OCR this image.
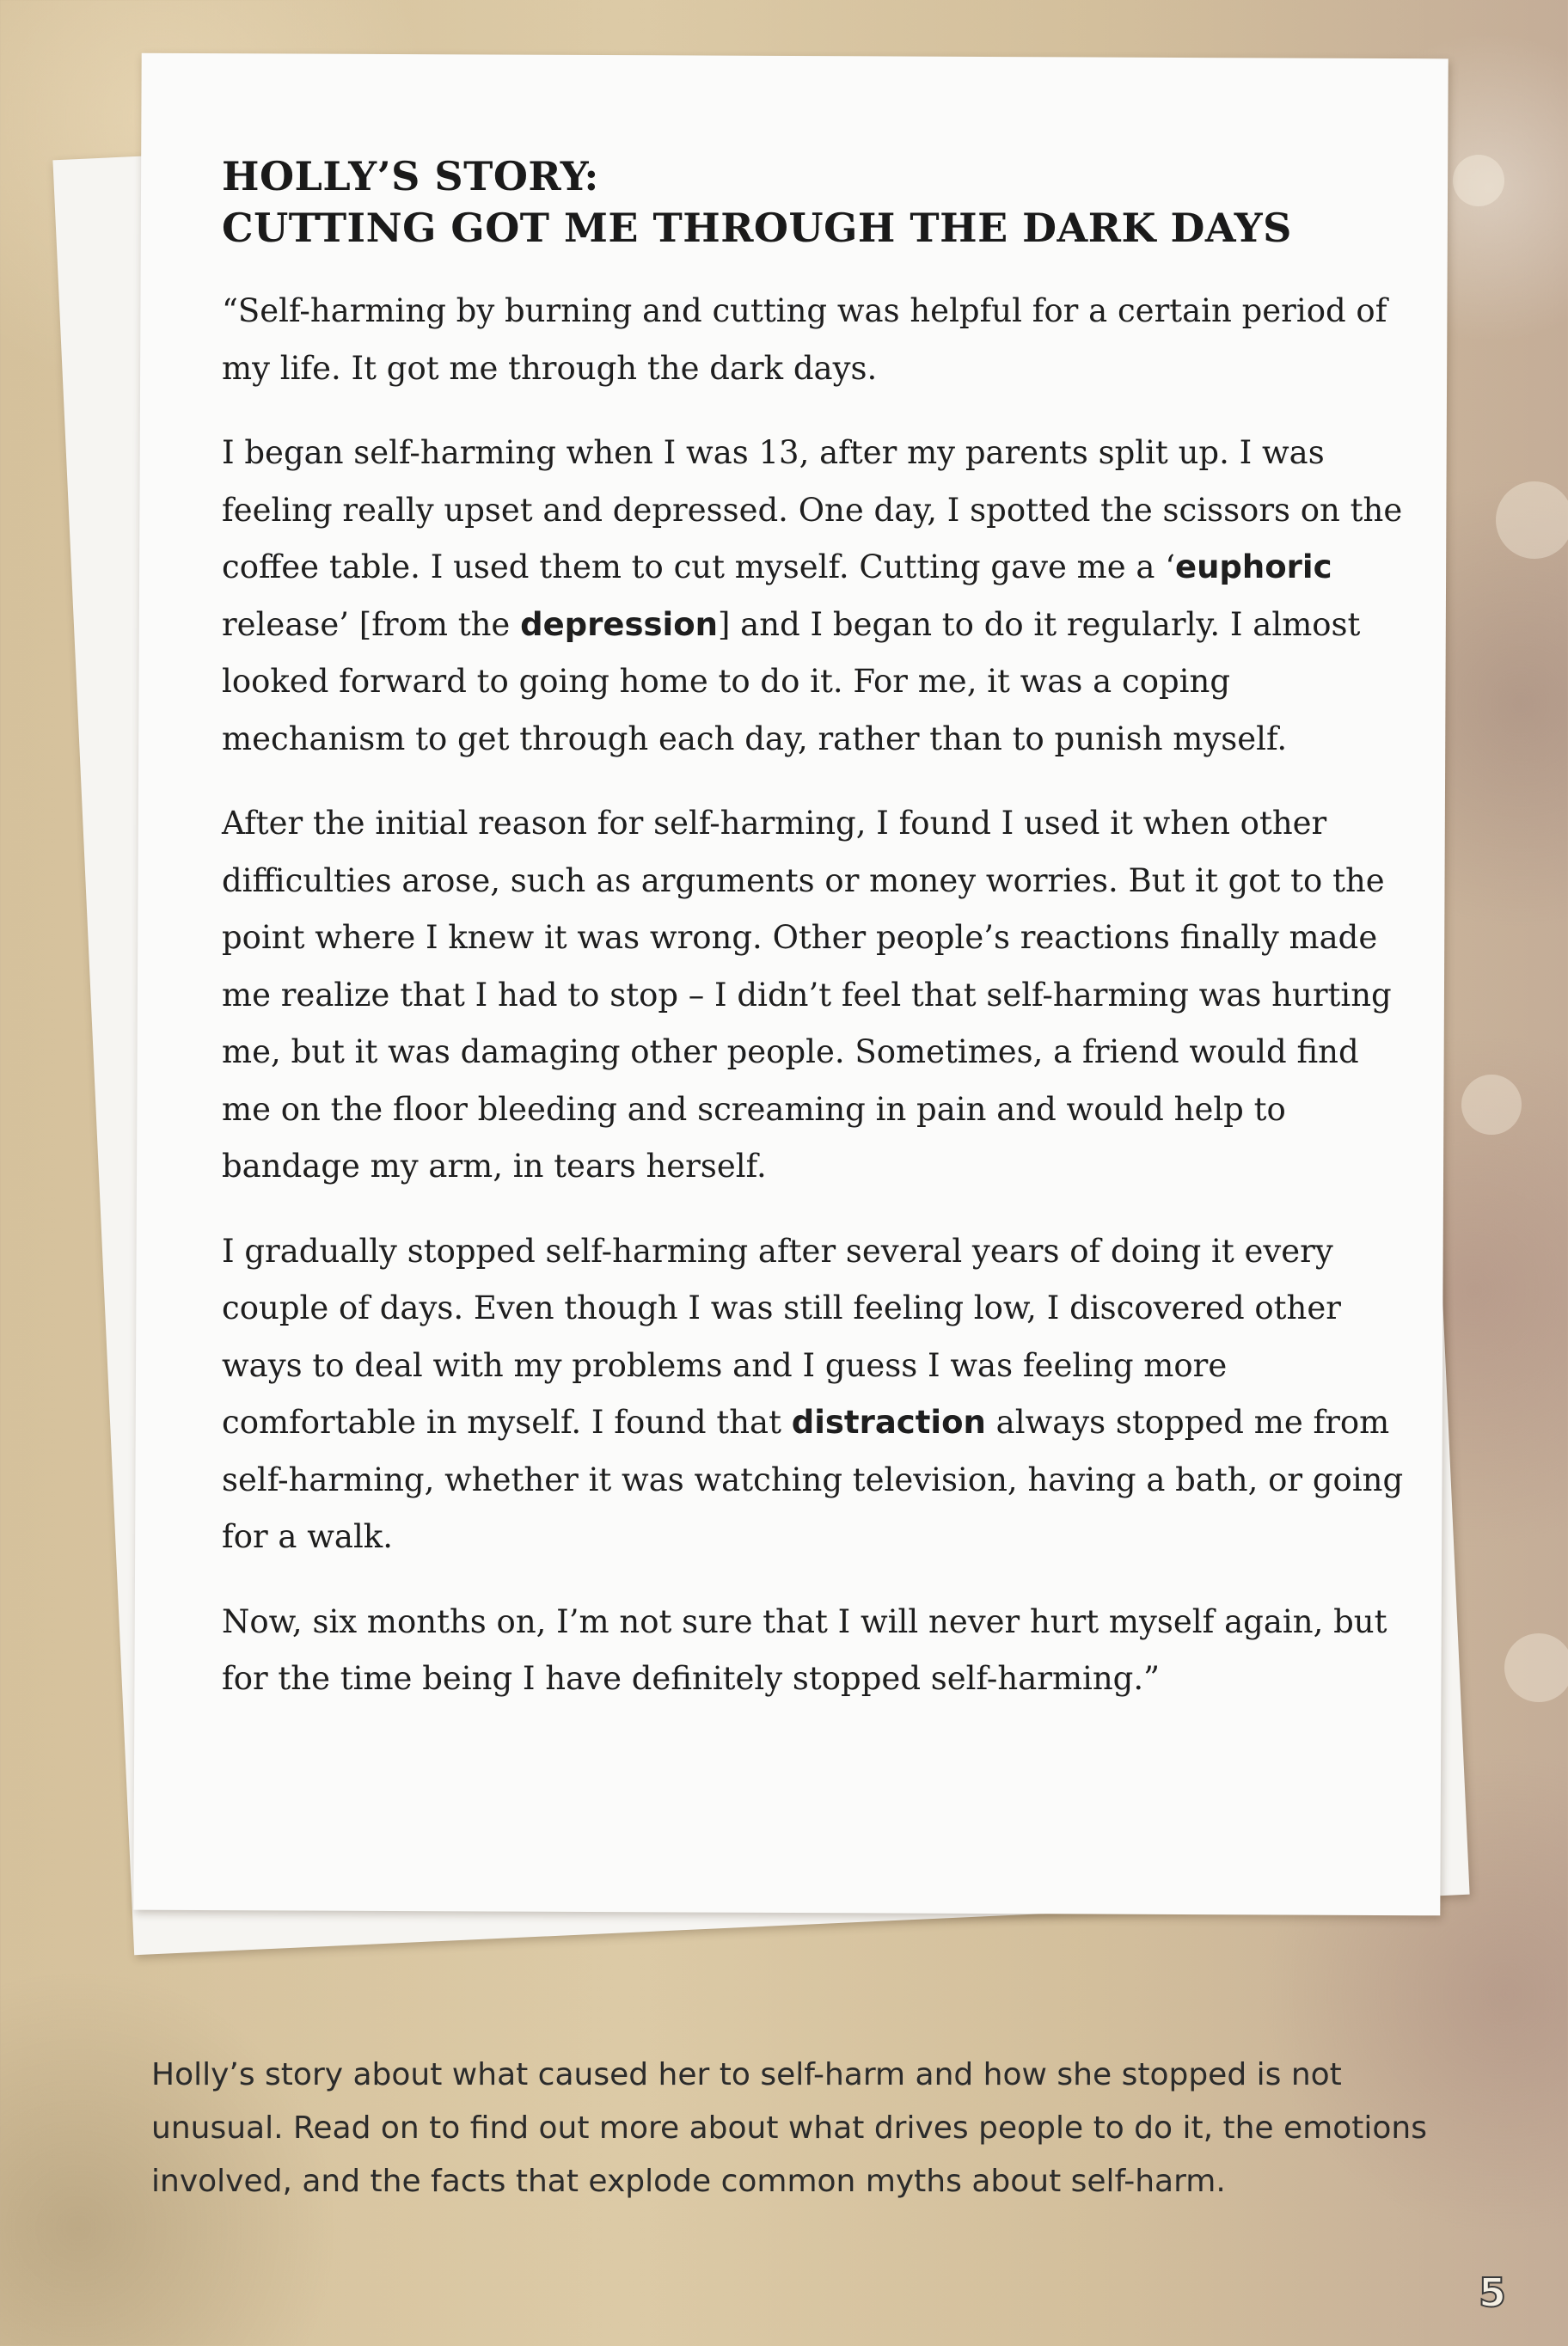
HOLLY’S STORY:
CUTTING GOT ME THROUGH THE DARK DAYS

“Self-harming by burning and cutting was helpful for a certain period of my life. It got me through the dark days.

I began self-harming when I was 13, after my parents split up. I was feeling really upset and depressed. One day, I spotted the scissors on the coffee table. I used them to cut myself. Cutting gave me a ‘euphoric release’ [from the depression] and I began to do it regularly. I almost looked forward to going home to do it. For me, it was a coping mechanism to get through each day, rather than to punish myself.

After the initial reason for self-harming, I found I used it when other difficulties arose, such as arguments or money worries. But it got to the point where I knew it was wrong. Other people’s reactions finally made me realize that I had to stop – I didn’t feel that self-harming was hurting me, but it was damaging other people. Sometimes, a friend would find me on the floor bleeding and screaming in pain and would help to bandage my arm, in tears herself.

I gradually stopped self-harming after several years of doing it every couple of days. Even though I was still feeling low, I discovered other ways to deal with my problems and I guess I was feeling more comfortable in myself. I found that distraction always stopped me from self-harming, whether it was watching television, having a bath, or going for a walk.

Now, six months on, I’m not sure that I will never hurt myself again, but for the time being I have definitely stopped self-harming.”

Holly’s story about what caused her to self-harm and how she stopped is not unusual. Read on to find out more about what drives people to do it, the emotions involved, and the facts that explode common myths about self-harm.

5
